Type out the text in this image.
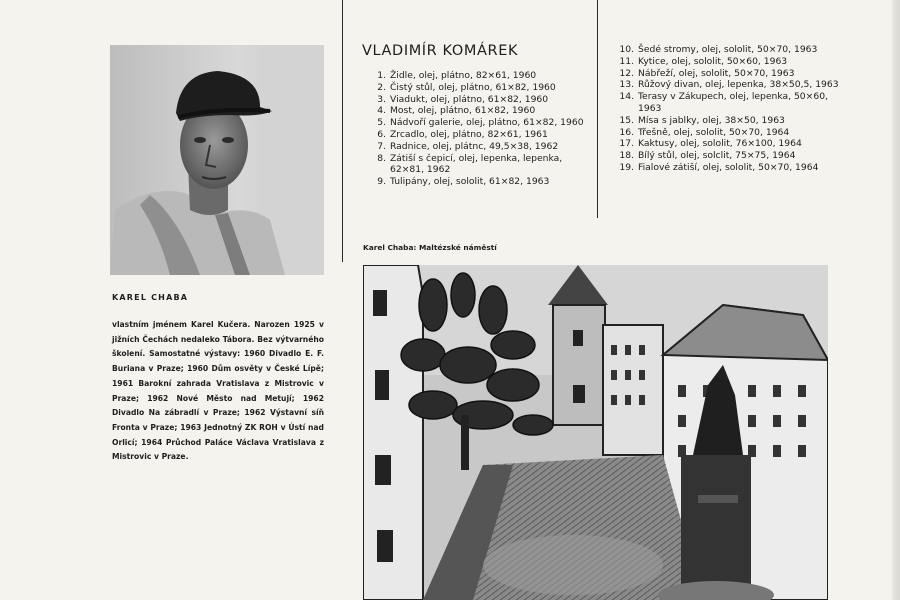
KAREL CHABA
vlastním jménem Karel Kučera. Narozen 1925 v jižních Čechách nedaleko Tábora. Bez výtvarného školení. Samostatné výstavy: 1960 Divadlo E. F. Buriana v Praze; 1960 Dům osvěty v České Lípě; 1961 Barokní zahrada Vratislava z Mistrovic v Praze; 1962 Nové Město nad Metují; 1962 Divadlo Na zábradlí v Praze; 1962 Výstavní síň Fronta v Praze; 1963 Jednotný ZK ROH v Ústí nad Orlicí; 1964 Průchod Paláce Václava Vratislava z Mistrovic v Praze.
VLADIMÍR KOMÁREK
1. Židle, olej, plátno, 82×61, 1960
2. Čistý stůl, olej, plátno, 61×82, 1960
3. Viadukt, olej, plátno, 61×82, 1960
4. Most, olej, plátno, 61×82, 1960
5. Nádvoří galerie, olej, plátno, 61×82, 1960
6. Zrcadlo, olej, plátno, 82×61, 1961
7. Radnice, olej, plátnc, 49,5×38, 1962
8. Zátiší s čepicí, olej, lepenka, lepenka, 62×81, 1962
9. Tulipány, olej, sololit, 61×82, 1963
10. Šedé stromy, olej, sololit, 50×70, 1963
11. Kytice, olej, sololit, 50×60, 1963
12. Nábřeží, olej, sololit, 50×70, 1963
13. Růžový divan, olej, lepenka, 38×50,5, 1963
14. Terasy v Zákupech, olej, lepenka, 50×60, 1963
15. Mísa s jablky, olej, 38×50, 1963
16. Třešně, olej, sololit, 50×70, 1964
17. Kaktusy, olej, sololit, 76×100, 1964
18. Bílý stůl, olej, solclit, 75×75, 1964
19. Fialové zátiší, olej, sololit, 50×70, 1964
Karel Chaba: Maltézské náměstí
